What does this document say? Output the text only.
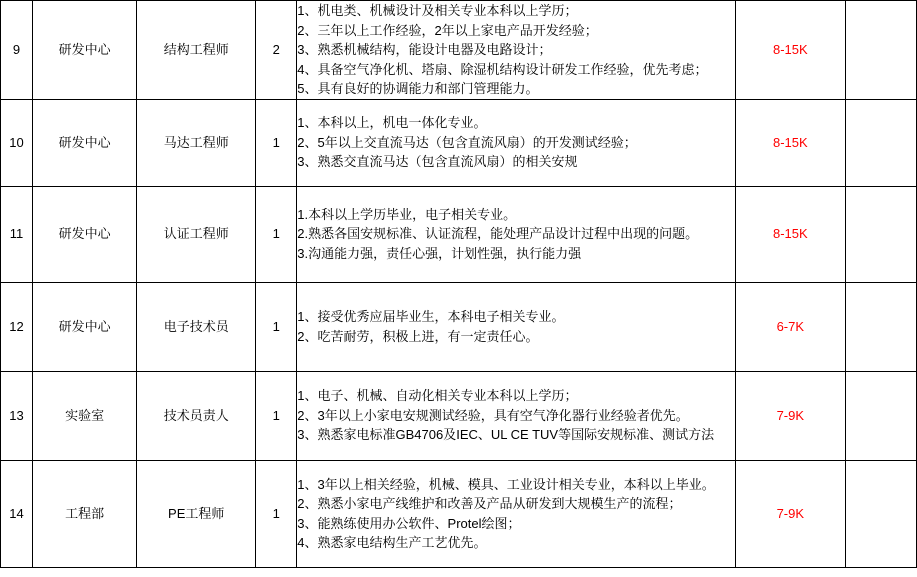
9	研发中心	结构工程师	2	1、机电类、机械设计及相关专业本科以上学历；
2、三年以上工作经验，2年以上家电产品开发经验；
3、熟悉机械结构，能设计电器及电路设计；
4、具备空气净化机、塔扇、除湿机结构设计研发工作经验，优先考虑；
5、具有良好的协调能力和部门管理能力。	8-15K	
10	研发中心	马达工程师	1	1、本科以上，机电一体化专业。
2、5年以上交直流马达（包含直流风扇）的开发测试经验；
3、熟悉交直流马达（包含直流风扇）的相关安规	8-15K	
11	研发中心	认证工程师	1	1.本科以上学历毕业，电子相关专业。
2.熟悉各国安规标准、认证流程，能处理产品设计过程中出现的问题。
3.沟通能力强，责任心强，计划性强，执行能力强	8-15K	
12	研发中心	电子技术员	1	1、接受优秀应届毕业生，本科电子相关专业。
2、吃苦耐劳，积极上进，有一定责任心。	6-7K	
13	实验室	技术员责人	1	1、电子、机械、自动化相关专业本科以上学历；
2、3年以上小家电安规测试经验，具有空气净化器行业经验者优先。
3、熟悉家电标准GB4706及IEC、UL CE TUV等国际安规标准、测试方法	7-9K	
14	工程部	PE工程师	1	1、3年以上相关经验，机械、模具、工业设计相关专业，本科以上毕业。
2、熟悉小家电产线维护和改善及产品从研发到大规模生产的流程；
3、能熟练使用办公软件、Protel绘图；
4、熟悉家电结构生产工艺优先。	7-9K	
